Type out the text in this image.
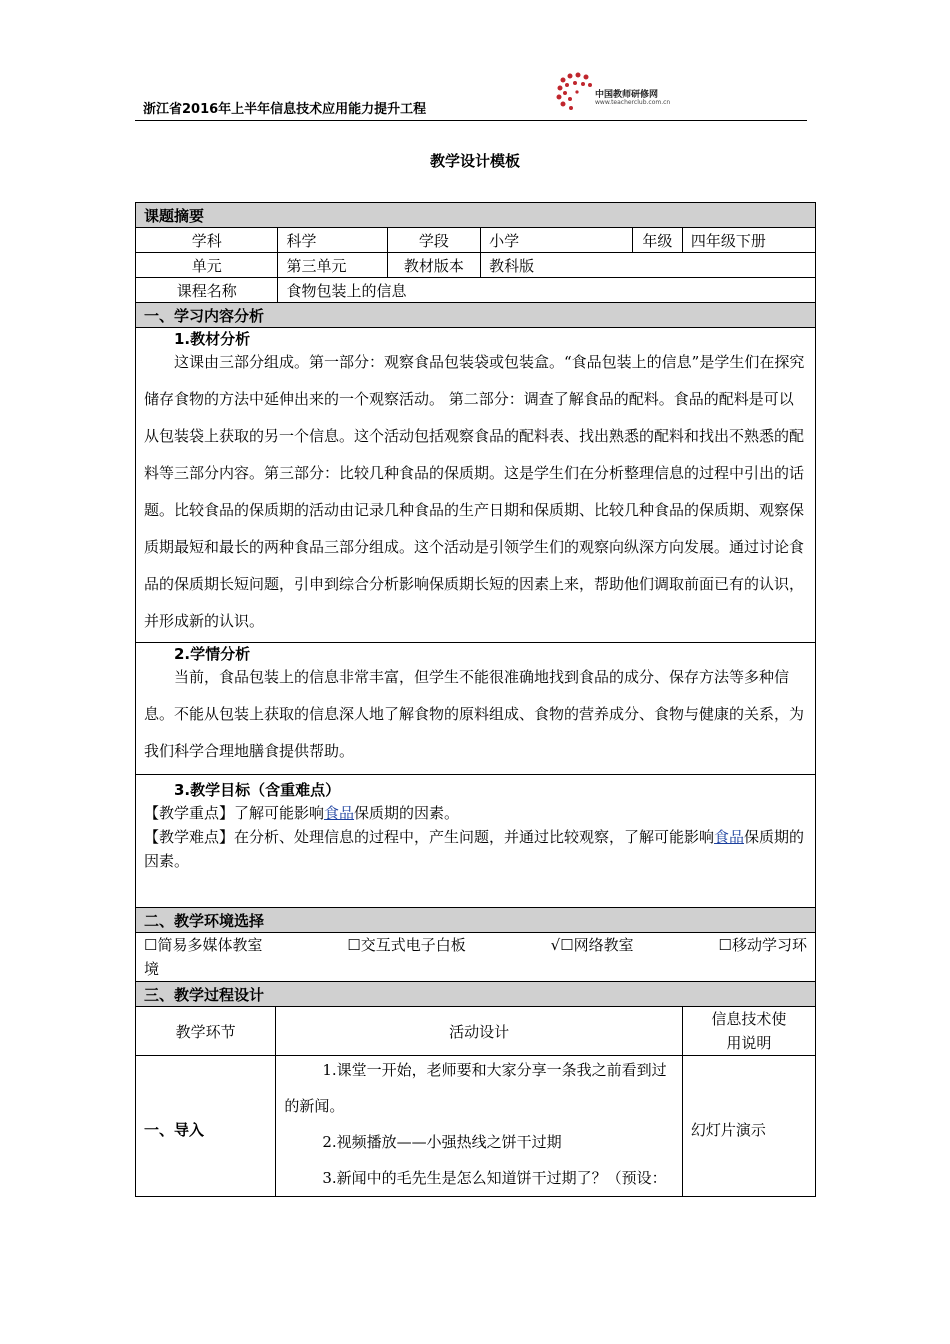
浙江省2016年上半年信息技术应用能力提升工程
中国教师研修网
www.teacherclub.com.cn
教学设计模板
课题摘要						
学科		科学	学段	小学	年级	四年级下册
单元		第三单元	教材版本	教科版		
课程名称		食物包装上的信息				
一、学习内容分析						

1.教材分析

这课由三部分组成。第一部分：观察食品包装袋或包装盒。“食品包装上的信息”是学生们在探究储存食物的方法中延伸出来的一个观察活动。 第二部分：调查了解食品的配料。食品的配料是可以从包装袋上获取的另一个信息。这个活动包括观察食品的配料表、找出熟悉的配料和找出不熟悉的配料等三部分内容。第三部分：比较几种食品的保质期。这是学生们在分析整理信息的过程中引出的话题。比较食品的保质期的活动由记录几种食品的生产日期和保质期、比较几种食品的保质期、观察保质期最短和最长的两种食品三部分组成。这个活动是引领学生们的观察向纵深方向发展。通过讨论食品的保质期长短问题，引申到综合分析影响保质期长短的因素上来，帮助他们调取前面已有的认识，并形成新的认识。						

2.学情分析

当前，食品包装上的信息非常丰富，但学生不能很准确地找到食品的成分、保存方法等多种信息。不能从包装上获取的信息深人地了解食物的原料组成、食物的营养成分、食物与健康的关系，为我们科学合理地膳食提供帮助。						

3.教学目标（含重难点）
【教学重点】了解可能影响食品保质期的因素。
【教学难点】在分析、处理信息的过程中，产生问题，并通过比较观察，了解可能影响食品保质期的因素。						

二、教学环境选择						

☐简易多媒体教室 ☐交互式电子白板 √☐网络教室 ☐移动学习环
境						

三、教学过程设计						
教学环节	活动设计					信息技术使
用说明

一、导入	1.课堂一开始，老师要和大家分享一条我之前看到过的新闻。

2.视频播放——小强热线之饼干过期

3.新闻中的毛先生是怎么知道饼干过期了？（预设：					幻灯片演示
